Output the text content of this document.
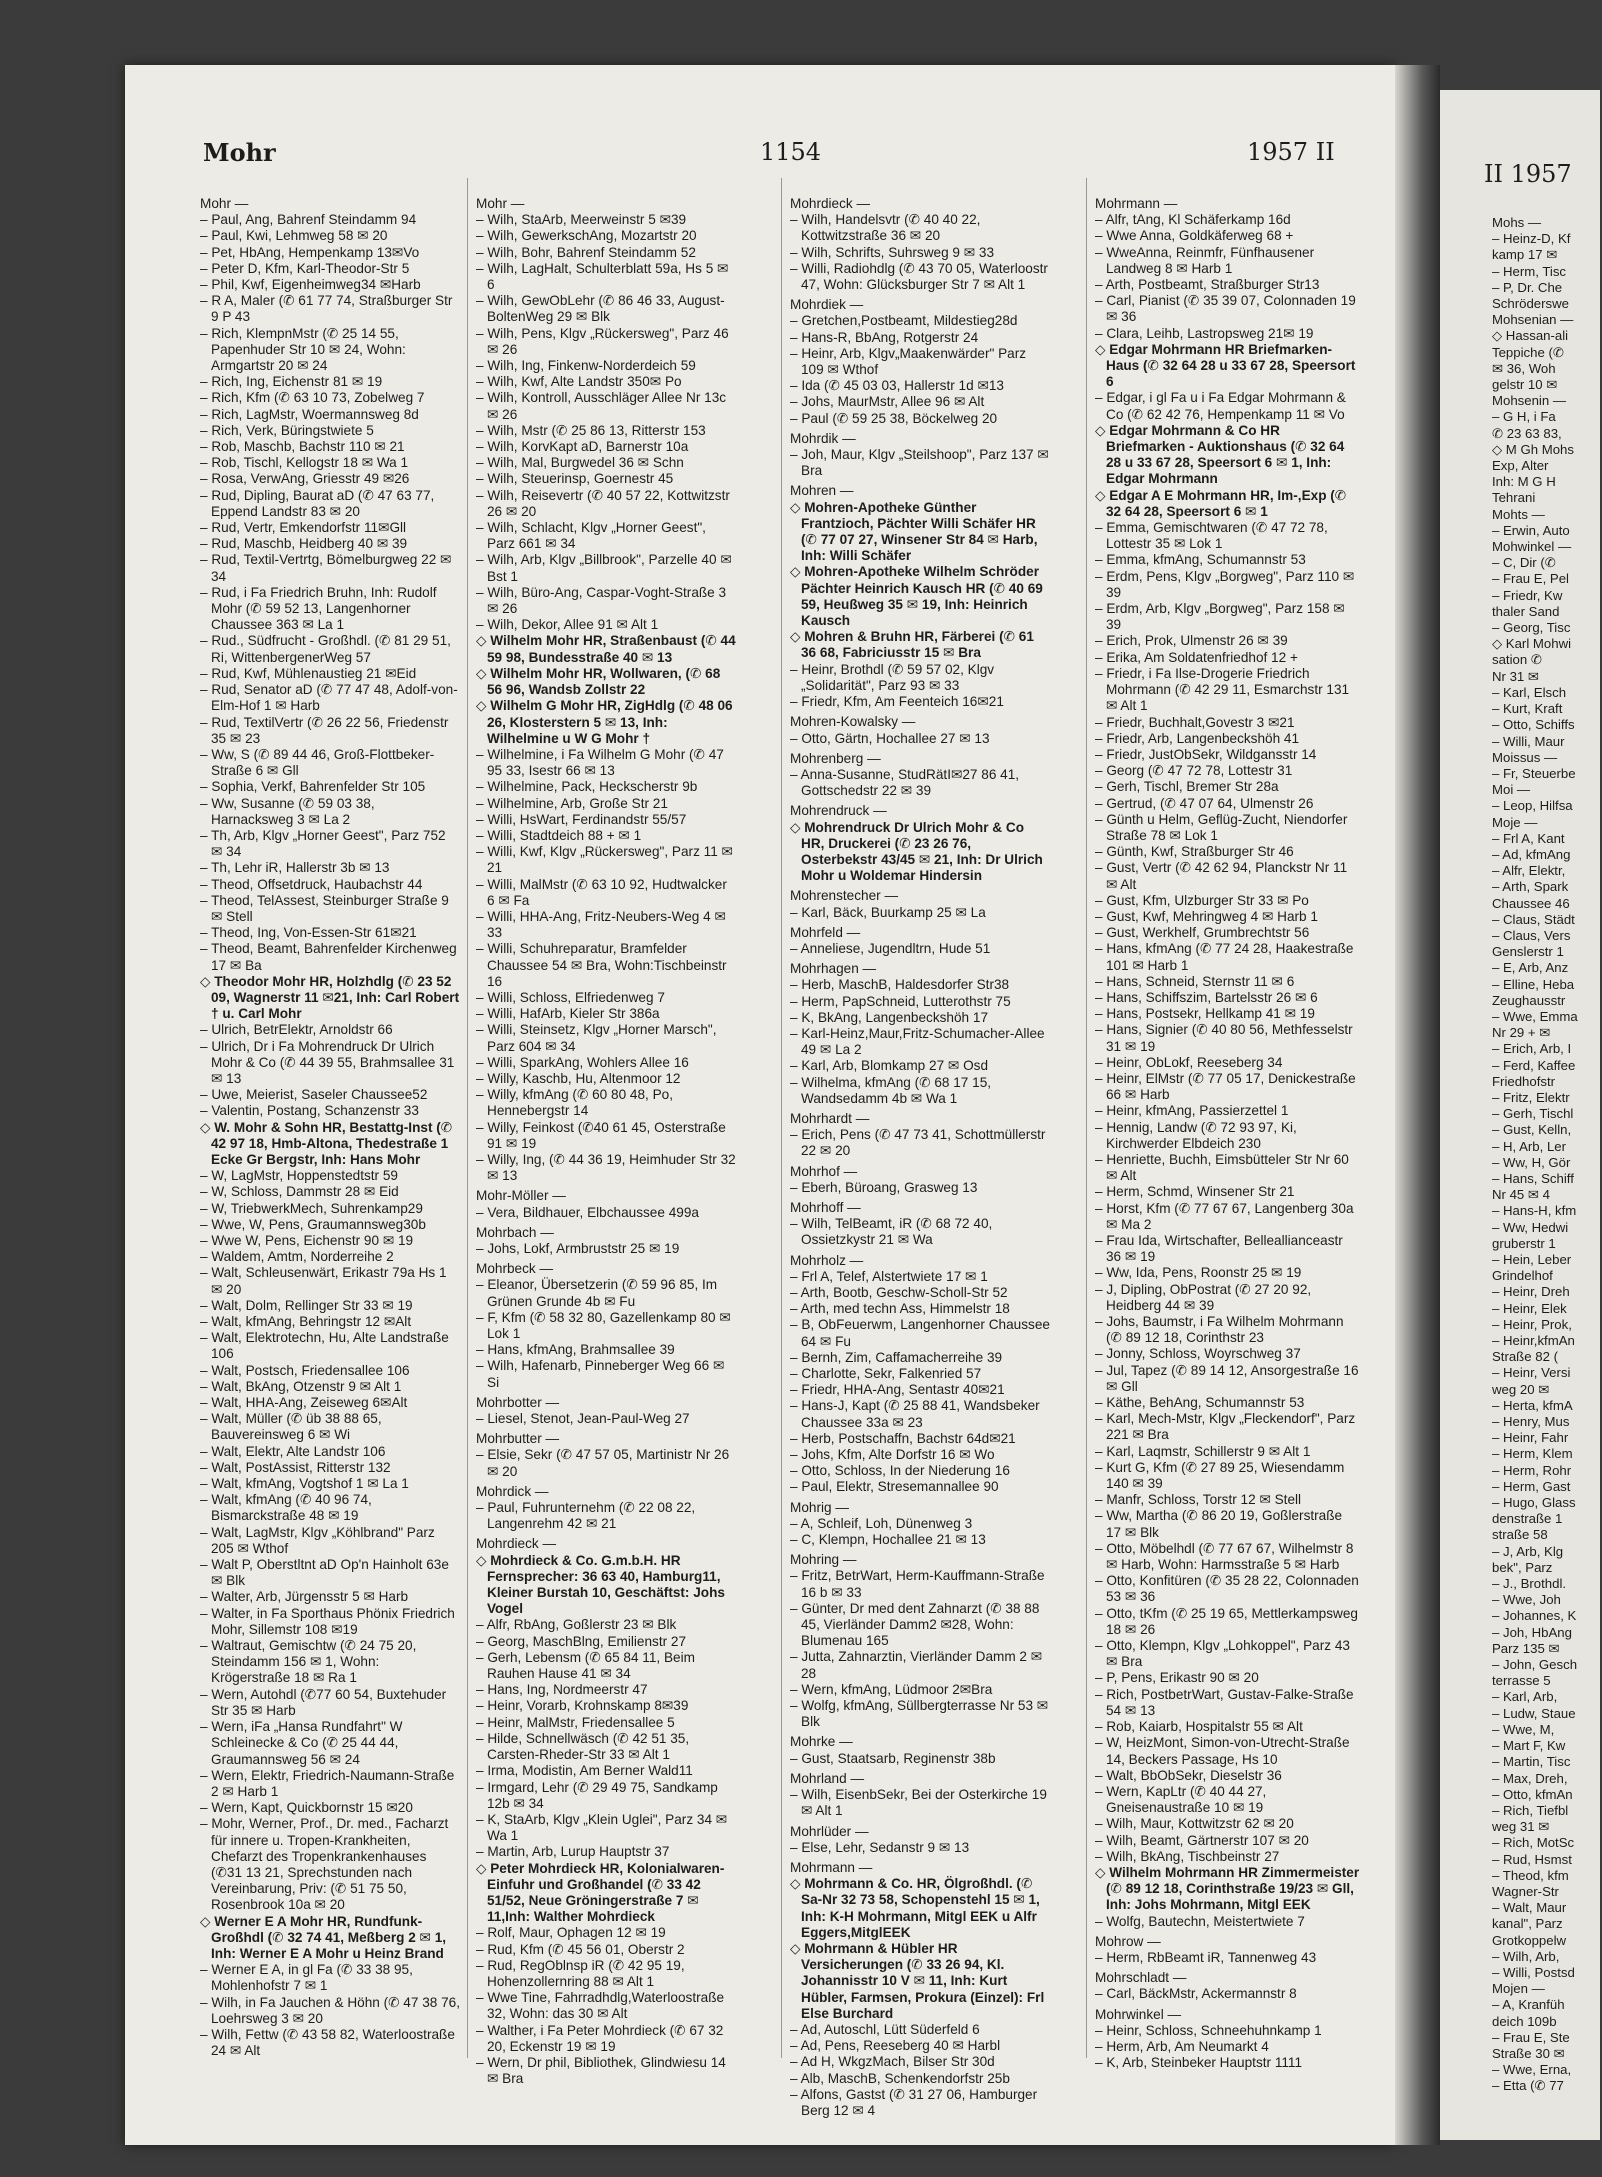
II 1957

Mohs —

– Heinz-D, Kf

kamp 17 ✉

– Herm, Tisc

– P, Dr. Che

Schröderswe

Mohsenian —

◇ Hassan-ali

Teppiche (✆

✉ 36, Woh

gelstr 10 ✉

Mohsenin —

– G H, i Fa

✆ 23 63 83,

◇ M Gh Mohs

Exp, Alter

Inh: M G H

Tehrani

Mohts —

– Erwin, Auto

Mohwinkel —

– C, Dir (✆

– Frau E, Pel

– Friedr, Kw

thaler Sand

– Georg, Tisc

◇ Karl Mohwi

sation ✆

Nr 31 ✉

– Karl, Elsch

– Kurt, Kraft

– Otto, Schiffs

– Willi, Maur

Moissus —

– Fr, Steuerbe

Moi —

– Leop, Hilfsa

Moje —

– Frl A, Kant

– Ad, kfmAng

– Alfr, Elektr,

– Arth, Spark

Chaussee 46

– Claus, Städt

– Claus, Vers

Genslerstr 1

– E, Arb, Anz

– Elline, Heba

Zeughausstr

– Wwe, Emma

Nr 29 + ✉

– Erich, Arb, I

– Ferd, Kaffee

Friedhofstr

– Fritz, Elektr

– Gerh, Tischl

– Gust, Kelln,

– H, Arb, Ler

– Ww, H, Gör

– Hans, Schiff

Nr 45 ✉ 4

– Hans-H, kfm

– Ww, Hedwi

gruberstr 1

– Hein, Leber

Grindelhof

– Heinr, Dreh

– Heinr, Elek

– Heinr, Prok,

– Heinr,kfmAn

Straße 82 (

– Heinr, Versi

weg 20 ✉

– Herta, kfmA

– Henry, Mus

– Heinr, Fahr

– Herm, Klem

– Herm, Rohr

– Herm, Gast

– Hugo, Glass

denstraße 1

straße 58

– J, Arb, Klg

bek", Parz

– J., Brothdl.

– Wwe, Joh

– Johannes, K

– Joh, HbAng

Parz 135 ✉

– John, Gesch

terrasse 5

– Karl, Arb,

– Ludw, Staue

– Wwe, M,

– Mart F, Kw

– Martin, Tisc

– Max, Dreh,

– Otto, kfmAn

– Rich, Tiefbl

weg 31 ✉

– Rich, MotSc

– Rud, Hsmst

– Theod, kfm

Wagner-Str

– Walt, Maur

kanal", Parz

Grotkoppelw

– Wilh, Arb,

– Willi, Postsd

Mojen —

– A, Kranfüh

deich 109b

– Frau E, Ste

Straße 30 ✉

– Wwe, Erna,

– Etta (✆ 77

Mohr	1154	1957 II

Mohr —

– Paul, Ang, Bahrenf Steindamm 94

– Paul, Kwi, Lehmweg 58 ✉ 20

– Pet, HbAng, Hempenkamp 13✉Vo

– Peter D, Kfm, Karl-Theodor-Str 5

– Phil, Kwf, Eigenheimweg34 ✉Harb

– R A, Maler (✆ 61 77 74, Straßburger Str 9 P 43

– Rich, KlempnMstr (✆ 25 14 55, Papenhuder Str 10 ✉ 24, Wohn: Armgartstr 20 ✉ 24

– Rich, Ing, Eichenstr 81 ✉ 19

– Rich, Kfm (✆ 63 10 73, Zobelweg 7

– Rich, LagMstr, Woermannsweg 8d

– Rich, Verk, Büringstwiete 5

– Rob, Maschb, Bachstr 110 ✉ 21

– Rob, Tischl, Kellogstr 18 ✉ Wa 1

– Rosa, VerwAng, Griesstr 49 ✉26

– Rud, Dipling, Baurat aD (✆ 47 63 77, Eppend Landstr 83 ✉ 20

– Rud, Vertr, Emkendorfstr 11✉Gll

– Rud, Maschb, Heidberg 40 ✉ 39

– Rud, Textil-Vertrtg, Bömelburgweg 22 ✉ 34

– Rud, i Fa Friedrich Bruhn, Inh: Rudolf Mohr (✆ 59 52 13, Langenhorner Chaussee 363 ✉ La 1

– Rud., Südfrucht - Großhdl. (✆ 81 29 51, Ri, WittenbergenerWeg 57

– Rud, Kwf, Mühlenaustieg 21 ✉Eid

– Rud, Senator aD (✆ 77 47 48, Adolf-von-Elm-Hof 1 ✉ Harb

– Rud, TextilVertr (✆ 26 22 56, Friedenstr 35 ✉ 23

– Ww, S (✆ 89 44 46, Groß-Flottbeker-Straße 6 ✉ Gll

– Sophia, Verkf, Bahrenfelder Str 105

– Ww, Susanne (✆ 59 03 38, Harnacksweg 3 ✉ La 2

– Th, Arb, Klgv „Horner Geest", Parz 752 ✉ 34

– Th, Lehr iR, Hallerstr 3b ✉ 13

– Theod, Offsetdruck, Haubachstr 44

– Theod, TelAssest, Steinburger Straße 9 ✉ Stell

– Theod, Ing, Von-Essen-Str 61✉21

– Theod, Beamt, Bahrenfelder Kirchenweg 17 ✉ Ba

◇ Theodor Mohr HR, Holzhdlg (✆ 23 52 09, Wagnerstr 11 ✉21, Inh: Carl Robert † u. Carl Mohr

– Ulrich, BetrElektr, Arnoldstr 66

– Ulrich, Dr i Fa Mohrendruck Dr Ulrich Mohr & Co (✆ 44 39 55, Brahmsallee 31 ✉ 13

– Uwe, Meierist, Saseler Chaussee52

– Valentin, Postang, Schanzenstr 33

◇ W. Mohr & Sohn HR, Bestattg-Inst (✆ 42 97 18, Hmb-Altona, Thedestraße 1 Ecke Gr Bergstr, Inh: Hans Mohr

– W, LagMstr, Hoppenstedtstr 59

– W, Schloss, Dammstr 28 ✉ Eid

– W, TriebwerkMech, Suhrenkamp29

– Wwe, W, Pens, Graumannsweg30b

– Wwe W, Pens, Eichenstr 90 ✉ 19

– Waldem, Amtm, Norderreihe 2

– Walt, Schleusenwärt, Erikastr 79a Hs 1 ✉ 20

– Walt, Dolm, Rellinger Str 33 ✉ 19

– Walt, kfmAng, Behringstr 12 ✉Alt

– Walt, Elektrotechn, Hu, Alte Landstraße 106

– Walt, Postsch, Friedensallee 106

– Walt, BkAng, Otzenstr 9 ✉ Alt 1

– Walt, HHA-Ang, Zeiseweg 6✉Alt

– Walt, Müller (✆ üb 38 88 65, Bauvereinsweg 6 ✉ Wi

– Walt, Elektr, Alte Landstr 106

– Walt, PostAssist, Ritterstr 132

– Walt, kfmAng, Vogtshof 1 ✉ La 1

– Walt, kfmAng (✆ 40 96 74, Bismarckstraße 48 ✉ 19

– Walt, LagMstr, Klgv „Köhlbrand" Parz 205 ✉ Wthof

– Walt P, Oberstltnt aD Op'n Hainholt 63e ✉ Blk

– Walter, Arb, Jürgensstr 5 ✉ Harb

– Walter, in Fa Sporthaus Phönix Friedrich Mohr, Sillemstr 108 ✉19

– Waltraut, Gemischtw (✆ 24 75 20, Steindamm 156 ✉ 1, Wohn: Krögerstraße 18 ✉ Ra 1

– Wern, Autohdl (✆77 60 54, Buxtehuder Str 35 ✉ Harb

– Wern, iFa „Hansa Rundfahrt" W Schleinecke & Co (✆ 25 44 44, Graumannsweg 56 ✉ 24

– Wern, Elektr, Friedrich-Naumann-Straße 2 ✉ Harb 1

– Wern, Kapt, Quickbornstr 15 ✉20

– Mohr, Werner, Prof., Dr. med., Facharzt für innere u. Tropen-Krankheiten, Chefarzt des Tropenkrankenhauses (✆31 13 21, Sprechstunden nach Vereinbarung, Priv: (✆ 51 75 50, Rosenbrook 10a ✉ 20

◇ Werner E A Mohr HR, Rundfunk-Großhdl (✆ 32 74 41, Meßberg 2 ✉ 1, Inh: Werner E A Mohr u Heinz Brand

– Werner E A, in gl Fa (✆ 33 38 95, Mohlenhofstr 7 ✉ 1

– Wilh, in Fa Jauchen & Höhn (✆ 47 38 76, Loehrsweg 3 ✉ 20

– Wilh, Fettw (✆ 43 58 82, Waterloostraße 24 ✉ Alt

Mohr —

– Wilh, StaArb, Meerweinstr 5 ✉39

– Wilh, GewerkschAng, Mozartstr 20

– Wilh, Bohr, Bahrenf Steindamm 52

– Wilh, LagHalt, Schulterblatt 59a, Hs 5 ✉ 6

– Wilh, GewObLehr (✆ 86 46 33, August-BoltenWeg 29 ✉ Blk

– Wilh, Pens, Klgv „Rückersweg", Parz 46 ✉ 26

– Wilh, Ing, Finkenw-Norderdeich 59

– Wilh, Kwf, Alte Landstr 350✉ Po

– Wilh, Kontroll, Ausschläger Allee Nr 13c ✉ 26

– Wilh, Mstr (✆ 25 86 13, Ritterstr 153

– Wilh, KorvKapt aD, Barnerstr 10a

– Wilh, Mal, Burgwedel 36 ✉ Schn

– Wilh, Steuerinsp, Goernestr 45

– Wilh, Reisevertr (✆ 40 57 22, Kottwitzstr 26 ✉ 20

– Wilh, Schlacht, Klgv „Horner Geest", Parz 661 ✉ 34

– Wilh, Arb, Klgv „Billbrook", Parzelle 40 ✉ Bst 1

– Wilh, Büro-Ang, Caspar-Voght-Straße 3 ✉ 26

– Wilh, Dekor, Allee 91 ✉ Alt 1

◇ Wilhelm Mohr HR, Straßenbaust (✆ 44 59 98, Bundesstraße 40 ✉ 13

◇ Wilhelm Mohr HR, Wollwaren, (✆ 68 56 96, Wandsb Zollstr 22

◇ Wilhelm G Mohr HR, ZigHdlg (✆ 48 06 26, Klosterstern 5 ✉ 13, Inh: Wilhelmine u W G Mohr †

– Wilhelmine, i Fa Wilhelm G Mohr (✆ 47 95 33, Isestr 66 ✉ 13

– Wilhelmine, Pack, Heckscherstr 9b

– Wilhelmine, Arb, Große Str 21

– Willi, HsWart, Ferdinandstr 55/57

– Willi, Stadtdeich 88 + ✉ 1

– Willi, Kwf, Klgv „Rückersweg", Parz 11 ✉ 21

– Willi, MalMstr (✆ 63 10 92, Hudtwalcker 6 ✉ Fa

– Willi, HHA-Ang, Fritz-Neubers-Weg 4 ✉ 33

– Willi, Schuhreparatur, Bramfelder Chaussee 54 ✉ Bra, Wohn:Tischbeinstr 16

– Willi, Schloss, Elfriedenweg 7

– Willi, HafArb, Kieler Str 386a

– Willi, Steinsetz, Klgv „Horner Marsch", Parz 604 ✉ 34

– Willi, SparkAng, Wohlers Allee 16

– Willy, Kaschb, Hu, Altenmoor 12

– Willy, kfmAng (✆ 60 80 48, Po, Hennebergstr 14

– Willy, Feinkost (✆40 61 45, Osterstraße 91 ✉ 19

– Willy, Ing, (✆ 44 36 19, Heimhuder Str 32 ✉ 13

Mohr-Möller —

– Vera, Bildhauer, Elbchaussee 499a

Mohrbach —

– Johs, Lokf, Armbruststr 25 ✉ 19

Mohrbeck —

– Eleanor, Übersetzerin (✆ 59 96 85, Im Grünen Grunde 4b ✉ Fu

– F, Kfm (✆ 58 32 80, Gazellenkamp 80 ✉ Lok 1

– Hans, kfmAng, Brahmsallee 39

– Wilh, Hafenarb, Pinneberger Weg 66 ✉ Si

Mohrbotter —

– Liesel, Stenot, Jean-Paul-Weg 27

Mohrbutter —

– Elsie, Sekr (✆ 47 57 05, Martinistr Nr 26 ✉ 20

Mohrdick —

– Paul, Fuhrunternehm (✆ 22 08 22, Langenrehm 42 ✉ 21

Mohrdieck —

◇ Mohrdieck & Co. G.m.b.H. HR Fernsprecher: 36 63 40, Hamburg11, Kleiner Burstah 10, Geschäftst: Johs Vogel

– Alfr, RbAng, Goßlerstr 23 ✉ Blk

– Georg, MaschBlng, Emilienstr 27

– Gerh, Lebensm (✆ 65 84 11, Beim Rauhen Hause 41 ✉ 34

– Hans, Ing, Nordmeerstr 47

– Heinr, Vorarb, Krohnskamp 8✉39

– Heinr, MalMstr, Friedensallee 5

– Hilde, Schnellwäsch (✆ 42 51 35, Carsten-Rheder-Str 33 ✉ Alt 1

– Irma, Modistin, Am Berner Wald11

– Irmgard, Lehr (✆ 29 49 75, Sandkamp 12b ✉ 34

– K, StaArb, Klgv „Klein Uglei", Parz 34 ✉ Wa 1

– Martin, Arb, Lurup Hauptstr 37

◇ Peter Mohrdieck HR, Kolonialwaren-Einfuhr und Großhandel (✆ 33 42 51/52, Neue Gröningerstraße 7 ✉ 11,Inh: Walther Mohrdieck

– Rolf, Maur, Ophagen 12 ✉ 19

– Rud, Kfm (✆ 45 56 01, Oberstr 2

– Rud, RegOblnsp iR (✆ 42 95 19, Hohenzollernring 88 ✉ Alt 1

– Wwe Tine, Fahrradhdlg,Waterloostraße 32, Wohn: das 30 ✉ Alt

– Walther, i Fa Peter Mohrdieck (✆ 67 32 20, Eckenstr 19 ✉ 19

– Wern, Dr phil, Bibliothek, Glindwiesu 14 ✉ Bra

Mohrdieck —

– Wilh, Handelsvtr (✆ 40 40 22, Kottwitzstraße 36 ✉ 20

– Wilh, Schrifts, Suhrsweg 9 ✉ 33

– Willi, Radiohdlg (✆ 43 70 05, Waterloostr 47, Wohn: Glücksburger Str 7 ✉ Alt 1

Mohrdiek —

– Gretchen,Postbeamt, Mildestieg28d

– Hans-R, BbAng, Rotgerstr 24

– Heinr, Arb, Klgv„Maakenwärder" Parz 109 ✉ Wthof

– Ida (✆ 45 03 03, Hallerstr 1d ✉13

– Johs, MaurMstr, Allee 96 ✉ Alt

– Paul (✆ 59 25 38, Böckelweg 20

Mohrdik —

– Joh, Maur, Klgv „Steilshoop", Parz 137 ✉ Bra

Mohren —

◇ Mohren-Apotheke Günther Frantzioch, Pächter Willi Schäfer HR (✆ 77 07 27, Winsener Str 84 ✉ Harb, Inh: Willi Schäfer

◇ Mohren-Apotheke Wilhelm Schröder Pächter Heinrich Kausch HR (✆ 40 69 59, Heußweg 35 ✉ 19, Inh: Heinrich Kausch

◇ Mohren & Bruhn HR, Färberei (✆ 61 36 68, Fabriciusstr 15 ✉ Bra

– Heinr, Brothdl (✆ 59 57 02, Klgv „Solidarität", Parz 93 ✉ 33

– Friedr, Kfm, Am Feenteich 16✉21

Mohren-Kowalsky —

– Otto, Gärtn, Hochallee 27 ✉ 13

Mohrenberg —

– Anna-Susanne, StudRätI✉27 86 41, Gottschedstr 22 ✉ 39

Mohrendruck —

◇ Mohrendruck Dr Ulrich Mohr & Co HR, Druckerei (✆ 23 26 76, Osterbekstr 43/45 ✉ 21, Inh: Dr Ulrich Mohr u Woldemar Hindersin

Mohrenstecher —

– Karl, Bäck, Buurkamp 25 ✉ La

Mohrfeld —

– Anneliese, Jugendltrn, Hude 51

Mohrhagen —

– Herb, MaschB, Haldesdorfer Str38

– Herm, PapSchneid, Lutterothstr 75

– K, BkAng, Langenbeckshöh 17

– Karl-Heinz,Maur,Fritz-Schumacher-Allee 49 ✉ La 2

– Karl, Arb, Blomkamp 27 ✉ Osd

– Wilhelma, kfmAng (✆ 68 17 15, Wandsedamm 4b ✉ Wa 1

Mohrhardt —

– Erich, Pens (✆ 47 73 41, Schottmüllerstr 22 ✉ 20

Mohrhof —

– Eberh, Büroang, Grasweg 13

Mohrhoff —

– Wilh, TelBeamt, iR (✆ 68 72 40, Ossietzkystr 21 ✉ Wa

Mohrholz —

– Frl A, Telef, Alstertwiete 17 ✉ 1

– Arth, Bootb, Geschw-Scholl-Str 52

– Arth, med techn Ass, Himmelstr 18

– B, ObFeuerwm, Langenhorner Chaussee 64 ✉ Fu

– Bernh, Zim, Caffamacherreihe 39

– Charlotte, Sekr, Falkenried 57

– Friedr, HHA-Ang, Sentastr 40✉21

– Hans-J, Kapt (✆ 25 88 41, Wandsbeker Chaussee 33a ✉ 23

– Herb, Postschaffn, Bachstr 64d✉21

– Johs, Kfm, Alte Dorfstr 16 ✉ Wo

– Otto, Schloss, In der Niederung 16

– Paul, Elektr, Stresemannallee 90

Mohrig —

– A, Schleif, Loh, Dünenweg 3

– C, Klempn, Hochallee 21 ✉ 13

Mohring —

– Fritz, BetrWart, Herm-Kauffmann-Straße 16 b ✉ 33

– Günter, Dr med dent Zahnarzt (✆ 38 88 45, Vierländer Damm2 ✉28, Wohn: Blumenau 165

– Jutta, Zahnarztin, Vierländer Damm 2 ✉ 28

– Wern, kfmAng, Lüdmoor 2✉Bra

– Wolfg, kfmAng, Süllbergterrasse Nr 53 ✉ Blk

Mohrke —

– Gust, Staatsarb, Reginenstr 38b

Mohrland —

– Wilh, EisenbSekr, Bei der Osterkirche 19 ✉ Alt 1

Mohrlüder —

– Else, Lehr, Sedanstr 9 ✉ 13

Mohrmann —

◇ Mohrmann & Co. HR, Ölgroßhdl. (✆ Sa-Nr 32 73 58, Schopenstehl 15 ✉ 1, Inh: K-H Mohrmann, Mitgl EEK u Alfr Eggers,MitglEEK

◇ Mohrmann & Hübler HR Versicherungen (✆ 33 26 94, Kl. Johannisstr 10 V ✉ 11, Inh: Kurt Hübler, Farmsen, Prokura (Einzel): Frl Else Burchard

– Ad, Autoschl, Lütt Süderfeld 6

– Ad, Pens, Reeseberg 40 ✉ Harbl

– Ad H, WkgzMach, Bilser Str 30d

– Alb, MaschB, Schenkendorfstr 25b

– Alfons, Gastst (✆ 31 27 06, Hamburger Berg 12 ✉ 4

Mohrmann —

– Alfr, tAng, Kl Schäferkamp 16d

– Wwe Anna, Goldkäferweg 68 +

– WweAnna, Reinmfr, Fünfhausener Landweg 8 ✉ Harb 1

– Arth, Postbeamt, Straßburger Str13

– Carl, Pianist (✆ 35 39 07, Colonnaden 19 ✉ 36

– Clara, Leihb, Lastropsweg 21✉ 19

◇ Edgar Mohrmann HR Briefmarken-Haus (✆ 32 64 28 u 33 67 28, Speersort 6

– Edgar, i gl Fa u i Fa Edgar Mohrmann & Co (✆ 62 42 76, Hempenkamp 11 ✉ Vo

◇ Edgar Mohrmann & Co HR Briefmarken - Auktionshaus (✆ 32 64 28 u 33 67 28, Speersort 6 ✉ 1, Inh: Edgar Mohrmann

◇ Edgar A E Mohrmann HR, Im-,Exp (✆ 32 64 28, Speersort 6 ✉ 1

– Emma, Gemischtwaren (✆ 47 72 78, Lottestr 35 ✉ Lok 1

– Emma, kfmAng, Schumannstr 53

– Erdm, Pens, Klgv „Borgweg", Parz 110 ✉ 39

– Erdm, Arb, Klgv „Borgweg", Parz 158 ✉ 39

– Erich, Prok, Ulmenstr 26 ✉ 39

– Erika, Am Soldatenfriedhof 12 +

– Friedr, i Fa Ilse-Drogerie Friedrich Mohrmann (✆ 42 29 11, Esmarchstr 131 ✉ Alt 1

– Friedr, Buchhalt,Govestr 3 ✉21

– Friedr, Arb, Langenbeckshöh 41

– Friedr, JustObSekr, Wildgansstr 14

– Georg (✆ 47 72 78, Lottestr 31

– Gerh, Tischl, Bremer Str 28a

– Gertrud, (✆ 47 07 64, Ulmenstr 26

– Günth u Helm, Geflüg-Zucht, Niendorfer Straße 78 ✉ Lok 1

– Günth, Kwf, Straßburger Str 46

– Gust, Vertr (✆ 42 62 94, Planckstr Nr 11 ✉ Alt

– Gust, Kfm, Ulzburger Str 33 ✉ Po

– Gust, Kwf, Mehringweg 4 ✉ Harb 1

– Gust, Werkhelf, Grumbrechtstr 56

– Hans, kfmAng (✆ 77 24 28, Haakestraße 101 ✉ Harb 1

– Hans, Schneid, Sternstr 11 ✉ 6

– Hans, Schiffszim, Bartelsstr 26 ✉ 6

– Hans, Postsekr, Hellkamp 41 ✉ 19

– Hans, Signier (✆ 40 80 56, Methfesselstr 31 ✉ 19

– Heinr, ObLokf, Reeseberg 34

– Heinr, ElMstr (✆ 77 05 17, Denickestraße 66 ✉ Harb

– Heinr, kfmAng, Passierzettel 1

– Hennig, Landw (✆ 72 93 97, Ki, Kirchwerder Elbdeich 230

– Henriette, Buchh, Eimsbütteler Str Nr 60 ✉ Alt

– Herm, Schmd, Winsener Str 21

– Horst, Kfm (✆ 77 67 67, Langenberg 30a ✉ Ma 2

– Frau Ida, Wirtschafter, Belleallianceastr 36 ✉ 19

– Ww, Ida, Pens, Roonstr 25 ✉ 19

– J, Dipling, ObPostrat (✆ 27 20 92, Heidberg 44 ✉ 39

– Johs, Baumstr, i Fa Wilhelm Mohrmann (✆ 89 12 18, Corinthstr 23

– Jonny, Schloss, Woyrschweg 37

– Jul, Tapez (✆ 89 14 12, Ansorgestraße 16 ✉ Gll

– Käthe, BehAng, Schumannstr 53

– Karl, Mech-Mstr, Klgv „Fleckendorf", Parz 221 ✉ Bra

– Karl, Laqmstr, Schillerstr 9 ✉ Alt 1

– Kurt G, Kfm (✆ 27 89 25, Wiesendamm 140 ✉ 39

– Manfr, Schloss, Torstr 12 ✉ Stell

– Ww, Martha (✆ 86 20 19, Goßlerstraße 17 ✉ Blk

– Otto, Möbelhdl (✆ 77 67 67, Wilhelmstr 8 ✉ Harb, Wohn: Harmsstraße 5 ✉ Harb

– Otto, Konfitüren (✆ 35 28 22, Colonnaden 53 ✉ 36

– Otto, tKfm (✆ 25 19 65, Mettlerkampsweg 18 ✉ 26

– Otto, Klempn, Klgv „Lohkoppel", Parz 43 ✉ Bra

– P, Pens, Erikastr 90 ✉ 20

– Rich, PostbetrWart, Gustav-Falke-Straße 54 ✉ 13

– Rob, Kaiarb, Hospitalstr 55 ✉ Alt

– W, HeizMont, Simon-von-Utrecht-Straße 14, Beckers Passage, Hs 10

– Walt, BbObSekr, Dieselstr 36

– Wern, KapLtr (✆ 40 44 27, Gneisenaustraße 10 ✉ 19

– Wilh, Maur, Kottwitzstr 62 ✉ 20

– Wilh, Beamt, Gärtnerstr 107 ✉ 20

– Wilh, BkAng, Tischbeinstr 27

◇ Wilhelm Mohrmann HR Zimmermeister (✆ 89 12 18, Corinthstraße 19/23 ✉ Gll, Inh: Johs Mohrmann, Mitgl EEK

– Wolfg, Bautechn, Meistertwiete 7

Mohrow —

– Herm, RbBeamt iR, Tannenweg 43

Mohrschladt —

– Carl, BäckMstr, Ackermannstr 8

Mohrwinkel —

– Heinr, Schloss, Schneehuhnkamp 1

– Herm, Arb, Am Neumarkt 4

– K, Arb, Steinbeker Hauptstr 1111
